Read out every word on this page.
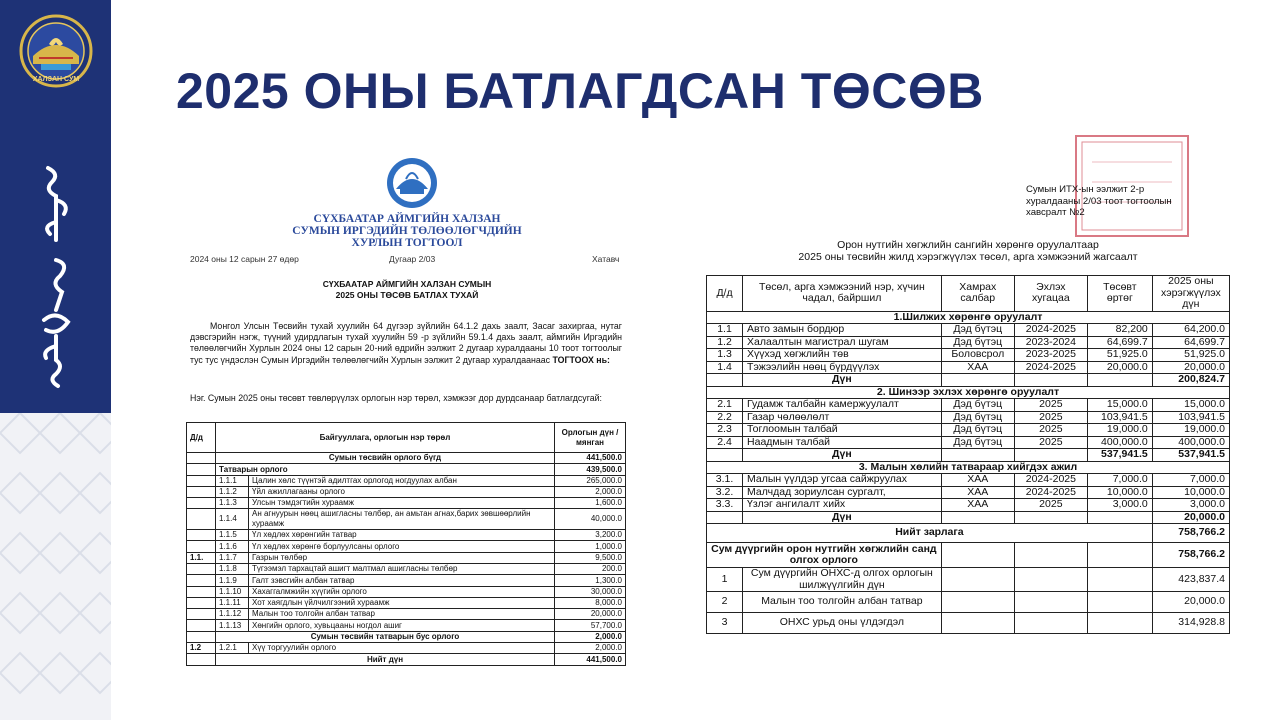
ХАЛЗАН СУМ 2025 ОНЫ БАТЛАГДСАН ТӨСӨВ
СҮХБААТАР АЙМГИЙН ХАЛЗАН
СУМЫН ИРГЭДИЙН ТӨЛӨӨЛӨГЧДИЙН
ХУРЛЫН ТОГТООЛ
2024 оны 12 сарын 27 өдөр	Дугаар 2/03	Хатавч
СҮХБААТАР АЙМГИЙН ХАЛЗАН СУМЫН
2025 ОНЫ ТӨСӨВ БАТЛАХ ТУХАЙ
Монгол Улсын Төсвийн тухай хуулийн 64 дүгээр зүйлийн 64.1.2 дахь заалт, Засаг захиргаа, нутаг дэвсгэрийн нэгж, түүний удирдлагын тухай хуулийн 59 -р зүйлийн 59.1.4 дахь заалт, аймгийн Иргэдийн төлөөлөгчийн Хурлын 2024 оны 12 сарын 20-ний өдрийн ээлжит 2 дугаар хуралдааны 10 тоот тогтоолыг тус тус үндэслэн Сумын Иргэдийн төлөөлөгчийн Хурлын ээлжит 2 дугаар хуралдаанаас ТОГТООХ нь:
Нэг. Сумын 2025 оны төсөвт төвлөрүүлэх орлогын нэр төрөл, хэмжээг дор дурдсанаар батлагдсугай:
Д/д	Байгууллага, орлогын нэр төрөл		Орлогын дүн /мянган
	Сумын төсвийн орлого бүгд		441,500.0
	Татварын орлого		439,500.0
	1.1.1	Цалин хөлс түүнтэй адилтгах орлогод ногдуулах албан	265,000.0
	1.1.2	Үйл ажиллагааны орлого	2,000.0
	1.1.3	Улсын тэмдэгтийн хураамж	1,600.0
	1.1.4	Ан агнуурын нөөц ашигласны төлбөр, ан амьтан агнах,барих зөвшөөрлийн хураамж	40,000.0
	1.1.5	Үл хөдлөх хөрөнгийн татвар	3,200.0
	1.1.6	Үл хөдлөх хөрөнгө борлуулсаны орлого	1,000.0
1.1.	1.1.7	Газрын төлбөр	9,500.0
	1.1.8	Түгээмэл тархацтай ашигт малтмал ашигласны төлбөр	200.0
	1.1.9	Галт зэвсгийн албан татвар	1,300.0
	1.1.10	Хахаггалмжийн хүүгийн орлого	30,000.0
	1.1.11	Хот хаягдлын үйлчилгээний хураамж	8,000.0
	1.1.12	Малын тоо толгойн албан татвар	20,000.0
	1.1.13	Хөнгийн орлого, хувьцааны ногдол ашиг	57,700.0
	Сумын төсвийн татварын бус орлого		2,000.0
1.2	1.2.1	Хүү торгуулийн орлого	2,000.0
	Нийт дүн		441,500.0
Сумын ИТХ-ын ээлжит 2-р
хуралдааны 2/03 тоот тогтоолын
хавсралт №2
Орон нутгийн хөгжлийн сангийн хөрөнгө оруулалтаар
2025 оны төсвийн жилд хэрэгжүүлэх төсөл, арга хэмжээний жагсаалт
Д/д	Төсөл, арга хэмжээний нэр, хүчин чадал, байршил	Хамрах салбар	Эхлэх хугацаа	Төсөвт өртөг	2025 оны хэрэгжүүлэх дүн
1.Шилжих хөрөнгө оруулалт					
1.1	Авто замын бордюр	Дэд бүтэц	2024-2025	82,200	64,200.0
1.2	Халаалтын магистрал шугам	Дэд бүтэц	2023-2024	64,699.7	64,699.7
1.3	Хүүхэд хөгжлийн төв	Боловсрол	2023-2025	51,925.0	51,925.0
1.4	Тэжээлийн нөөц бүрдүүлэх	ХАА	2024-2025	20,000.0	20,000.0
	Дүн				200,824.7
2. Шинээр эхлэх хөрөнгө оруулалт					
2.1	Гудамж талбайн камержуулалт	Дэд бүтэц	2025	15,000.0	15,000.0
2.2	Газар чөлөөлөлт	Дэд бүтэц	2025	103,941.5	103,941.5
2.3	Тоглоомын талбай	Дэд бүтэц	2025	19,000.0	19,000.0
2.4	Наадмын талбай	Дэд бүтэц	2025	400,000.0	400,000.0
	Дүн			537,941.5	537,941.5
3. Малын хөлийн татвараар хийгдэх ажил					
3.1.	Малын үүлдэр угсаа сайжруулах	ХАА	2024-2025	7,000.0	7,000.0
3.2.	Малчдад зориулсан сургалт,	ХАА	2024-2025	10,000.0	10,000.0
3.3.	Үзлэг ангилалт хийх	ХАА	2025	3,000.0	3,000.0
	Дүн				20,000.0
Нийт зарлага					758,766.2
Сум дүүргийн орон нутгийн хөгжлийн санд олгох орлого					758,766.2
1	Сум дүүргийн ОНХС-д олгох орлогын шилжүүлгийн дүн				423,837.4
2	Малын тоо толгойн албан татвар				20,000.0
3	ОНХС урьд оны үлдэгдэл				314,928.8
